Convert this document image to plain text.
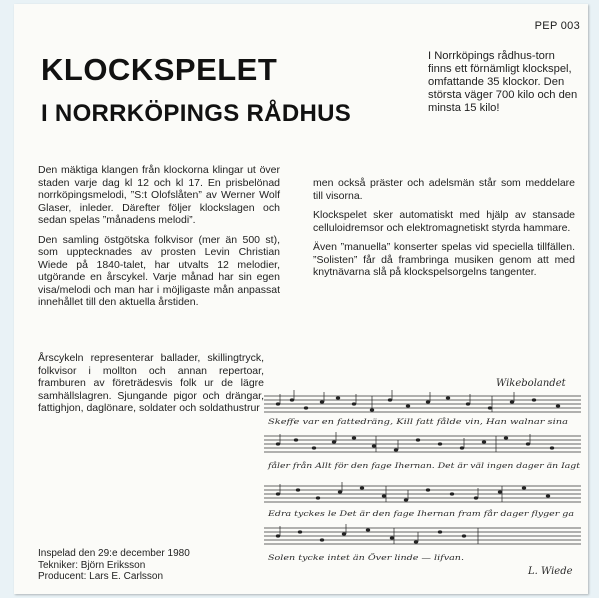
PEP 003
KLOCKSPELET
I NORRKÖPINGS RÅDHUS
I Norrköpings rådhus-torn finns ett förnämligt klockspel, omfattande 35 klockor. Den största väger 700 kilo och den minsta 15 kilo!

Den mäktiga klangen från klockorna klingar ut över staden varje dag kl 12 och kl 17. En prisbelönad norrköpingsmelodi, ”S:t Olofslåten” av Werner Wolf Glaser, inleder. Därefter följer klockslagen och sedan spelas ”månadens melodi”.

Den samling östgötska folkvisor (mer än 500 st), som upptecknades av prosten Levin Christian Wiede på 1840-talet, har utvalts 12 melodier, utgörande en årscykel. Varje månad har sin egen visa/melodi och man har i möjligaste mån anpassat innehållet till den aktuella årstiden.

Årscykeln representerar ballader, skillingtryck, folkvisor i mollton och annan repertoar, framburen av företrädesvis folk ur de lägre samhällslagren. Sjungande pigor och drängar, fattighjon, daglönare, soldater och soldathustrur

men också präster och adelsmän står som meddelare till visorna.

Klockspelet sker automatiskt med hjälp av stansade celluloidremsor och elektromagnetiskt styrda hammare.

Även ”manuella” konserter spelas vid speciella tillfällen. ”Solisten” får då frambringa musiken genom att med knytnävarna slå på klockspelsorgelns tangenter.

Inspelad den 29:e december 1980
Tekniker: Björn Eriksson
Producent: Lars E. Carlsson
Wikebolandet
Skeffe var en fattedräng, Kill fatt fålde vin, Han walnar sina
fåler från Allt för den fage Ihernan. Det är väl ingen dager än Iagt
Edra tyckes le Det är den fage Ihernan fram får dager flyger ga
Solen tycke intet än Över linde — lifvan.
L. Wiede
